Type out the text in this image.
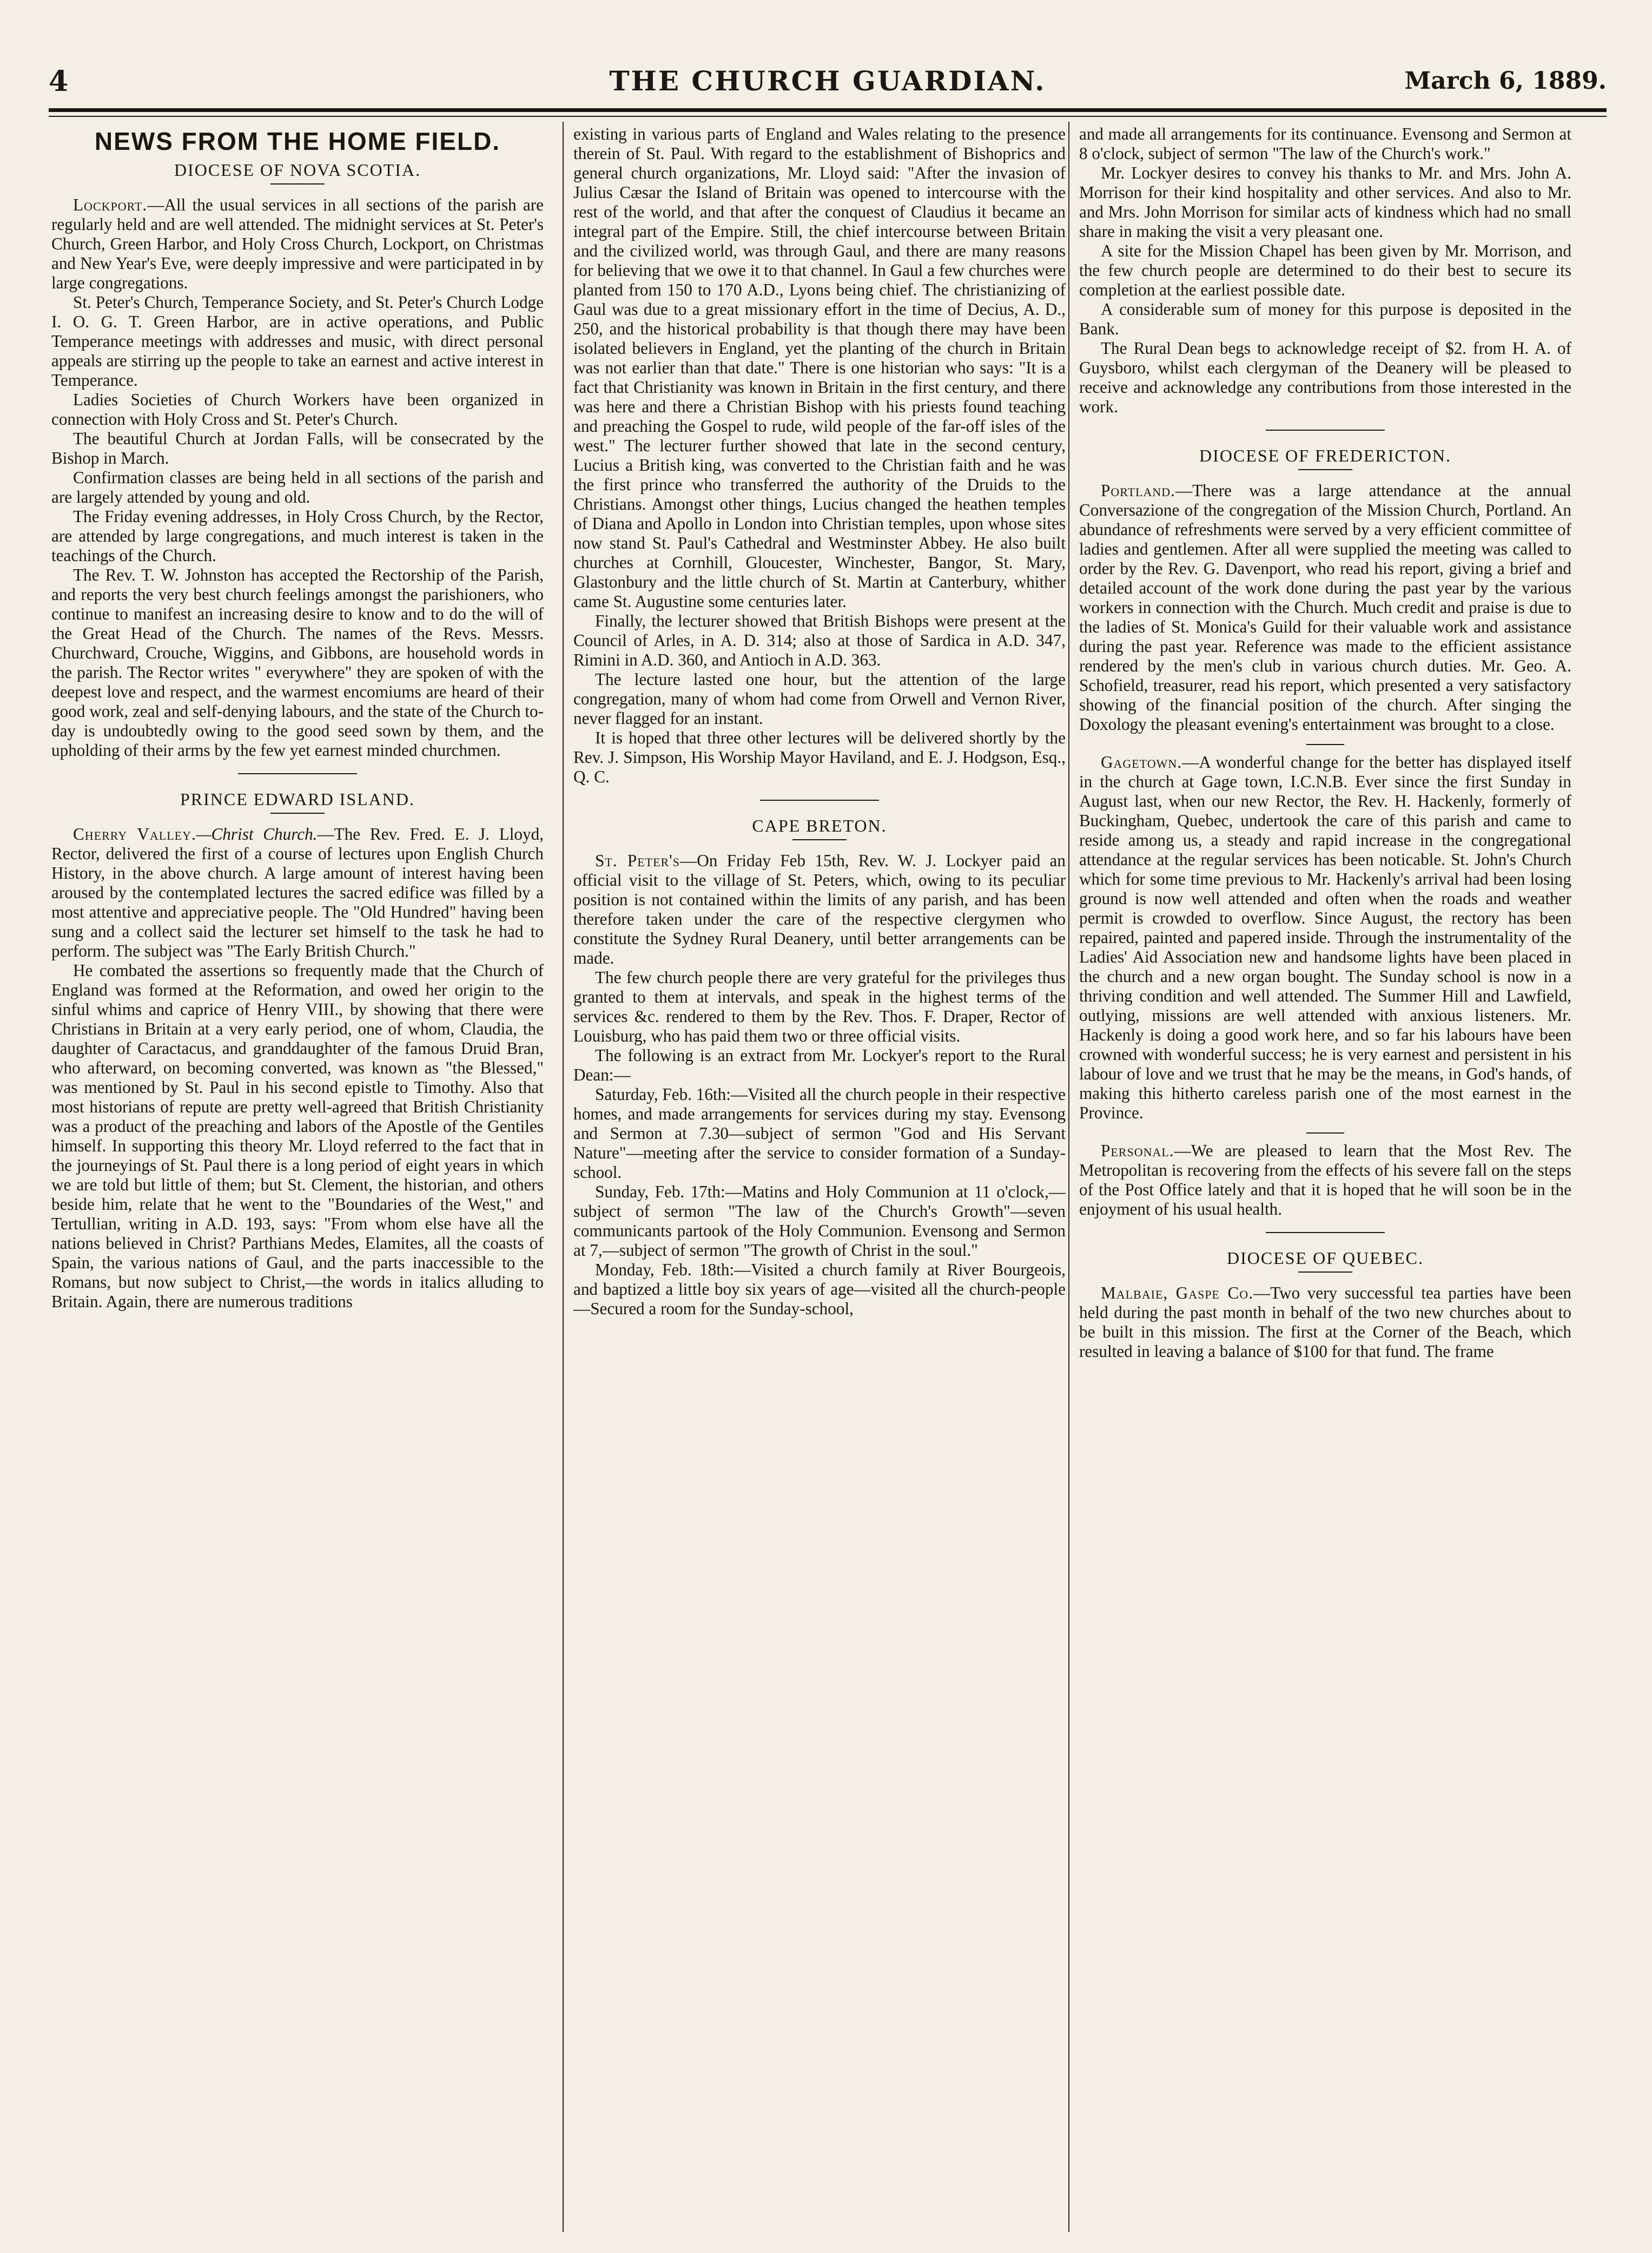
4	THE CHURCH GUARDIAN.	March 6, 1889.
NEWS FROM THE HOME FIELD.
DIOCESE OF NOVA SCOTIA.

Lockport.—All the usual services in all sections of the parish are regularly held and are well attended. The midnight services at St. Peter's Church, Green Harbor, and Holy Cross Church, Lockport, on Christmas and New Year's Eve, were deeply impressive and were participated in by large congregations.

St. Peter's Church, Temperance Society, and St. Peter's Church Lodge I. O. G. T. Green Harbor, are in active operations, and Public Temperance meetings with addresses and music, with direct personal appeals are stirring up the people to take an earnest and active interest in Temperance.

Ladies Societies of Church Workers have been organized in connection with Holy Cross and St. Peter's Church.

The beautiful Church at Jordan Falls, will be consecrated by the Bishop in March.

Confirmation classes are being held in all sections of the parish and are largely attended by young and old.

The Friday evening addresses, in Holy Cross Church, by the Rector, are attended by large congregations, and much interest is taken in the teachings of the Church.

The Rev. T. W. Johnston has accepted the Rectorship of the Parish, and reports the very best church feelings amongst the parishioners, who continue to manifest an increasing desire to know and to do the will of the Great Head of the Church. The names of the Revs. Messrs. Churchward, Crouche, Wiggins, and Gibbons, are household words in the parish. The Rector writes " everywhere" they are spoken of with the deepest love and respect, and the warmest encomiums are heard of their good work, zeal and self-denying labours, and the state of the Church to-day is undoubtedly owing to the good seed sown by them, and the upholding of their arms by the few yet earnest minded churchmen.

PRINCE EDWARD ISLAND.

Cherry Valley.—Christ Church.—The Rev. Fred. E. J. Lloyd, Rector, delivered the first of a course of lectures upon English Church History, in the above church. A large amount of interest having been aroused by the contemplated lectures the sacred edifice was filled by a most attentive and appreciative people. The "Old Hundred" having been sung and a collect said the lecturer set himself to the task he had to perform. The subject was "The Early British Church."

He combated the assertions so frequently made that the Church of England was formed at the Reformation, and owed her origin to the sinful whims and caprice of Henry VIII., by showing that there were Christians in Britain at a very early period, one of whom, Claudia, the daughter of Caractacus, and granddaughter of the famous Druid Bran, who afterward, on becoming converted, was known as "the Blessed," was mentioned by St. Paul in his second epistle to Timothy. Also that most historians of repute are pretty well-agreed that British Christianity was a product of the preaching and labors of the Apostle of the Gentiles himself. In supporting this theory Mr. Lloyd referred to the fact that in the journeyings of St. Paul there is a long period of eight years in which we are told but little of them; but St. Clement, the historian, and others beside him, relate that he went to the "Boundaries of the West," and Tertullian, writing in A.D. 193, says: "From whom else have all the nations believed in Christ? Parthians Medes, Elamites, all the coasts of Spain, the various nations of Gaul, and the parts inaccessible to the Romans, but now subject to Christ,—the words in italics alluding to Britain. Again, there are numerous traditions

existing in various parts of England and Wales relating to the presence therein of St. Paul. With regard to the establishment of Bishoprics and general church organizations, Mr. Lloyd said: "After the invasion of Julius Cæsar the Island of Britain was opened to intercourse with the rest of the world, and that after the conquest of Claudius it became an integral part of the Empire. Still, the chief intercourse between Britain and the civilized world, was through Gaul, and there are many reasons for believing that we owe it to that channel. In Gaul a few churches were planted from 150 to 170 A.D., Lyons being chief. The christianizing of Gaul was due to a great missionary effort in the time of Decius, A. D., 250, and the historical probability is that though there may have been isolated believers in England, yet the planting of the church in Britain was not earlier than that date." There is one historian who says: "It is a fact that Christianity was known in Britain in the first century, and there was here and there a Christian Bishop with his priests found teaching and preaching the Gospel to rude, wild people of the far-off isles of the west." The lecturer further showed that late in the second century, Lucius a British king, was converted to the Christian faith and he was the first prince who transferred the authority of the Druids to the Christians. Amongst other things, Lucius changed the heathen temples of Diana and Apollo in London into Christian temples, upon whose sites now stand St. Paul's Cathedral and Westminster Abbey. He also built churches at Cornhill, Gloucester, Winchester, Bangor, St. Mary, Glastonbury and the little church of St. Martin at Canterbury, whither came St. Augustine some centuries later.

Finally, the lecturer showed that British Bishops were present at the Council of Arles, in A. D. 314; also at those of Sardica in A.D. 347, Rimini in A.D. 360, and Antioch in A.D. 363.

The lecture lasted one hour, but the attention of the large congregation, many of whom had come from Orwell and Vernon River, never flagged for an instant.

It is hoped that three other lectures will be delivered shortly by the Rev. J. Simpson, His Worship Mayor Haviland, and E. J. Hodgson, Esq., Q. C.

CAPE BRETON.

St. Peter's—On Friday Feb 15th, Rev. W. J. Lockyer paid an official visit to the village of St. Peters, which, owing to its peculiar position is not contained within the limits of any parish, and has been therefore taken under the care of the respective clergymen who constitute the Sydney Rural Deanery, until better arrangements can be made.

The few church people there are very grateful for the privileges thus granted to them at intervals, and speak in the highest terms of the services &c. rendered to them by the Rev. Thos. F. Draper, Rector of Louisburg, who has paid them two or three official visits.

The following is an extract from Mr. Lockyer's report to the Rural Dean:—

Saturday, Feb. 16th:—Visited all the church people in their respective homes, and made arrangements for services during my stay. Evensong and Sermon at 7.30—subject of sermon "God and His Servant Nature"—meeting after the service to consider formation of a Sunday-school.

Sunday, Feb. 17th:—Matins and Holy Communion at 11 o'clock,—subject of sermon "The law of the Church's Growth"—seven communicants partook of the Holy Communion. Evensong and Sermon at 7,—subject of sermon "The growth of Christ in the soul."

Monday, Feb. 18th:—Visited a church family at River Bourgeois, and baptized a little boy six years of age—visited all the church-people—Secured a room for the Sunday-school,

and made all arrangements for its continuance. Evensong and Sermon at 8 o'clock, subject of sermon "The law of the Church's work."

Mr. Lockyer desires to convey his thanks to Mr. and Mrs. John A. Morrison for their kind hospitality and other services. And also to Mr. and Mrs. John Morrison for similar acts of kindness which had no small share in making the visit a very pleasant one.

A site for the Mission Chapel has been given by Mr. Morrison, and the few church people are determined to do their best to secure its completion at the earliest possible date.

A considerable sum of money for this purpose is deposited in the Bank.

The Rural Dean begs to acknowledge receipt of $2. from H. A. of Guysboro, whilst each clergyman of the Deanery will be pleased to receive and acknowledge any contributions from those interested in the work.

DIOCESE OF FREDERICTON.

Portland.—There was a large attendance at the annual Conversazione of the congregation of the Mission Church, Portland. An abundance of refreshments were served by a very efficient committee of ladies and gentlemen. After all were supplied the meeting was called to order by the Rev. G. Davenport, who read his report, giving a brief and detailed account of the work done during the past year by the various workers in connection with the Church. Much credit and praise is due to the ladies of St. Monica's Guild for their valuable work and assistance during the past year. Reference was made to the efficient assistance rendered by the men's club in various church duties. Mr. Geo. A. Schofield, treasurer, read his report, which presented a very satisfactory showing of the financial position of the church. After singing the Doxology the pleasant evening's entertainment was brought to a close.

Gagetown.—A wonderful change for the better has displayed itself in the church at Gage town, I.C.N.B. Ever since the first Sunday in August last, when our new Rector, the Rev. H. Hackenly, formerly of Buckingham, Quebec, undertook the care of this parish and came to reside among us, a steady and rapid increase in the congregational attendance at the regular services has been noticable. St. John's Church which for some time previous to Mr. Hackenly's arrival had been losing ground is now well attended and often when the roads and weather permit is crowded to overflow. Since August, the rectory has been repaired, painted and papered inside. Through the instrumentality of the Ladies' Aid Association new and handsome lights have been placed in the church and a new organ bought. The Sunday school is now in a thriving condition and well attended. The Summer Hill and Lawfield, outlying, missions are well attended with anxious listeners. Mr. Hackenly is doing a good work here, and so far his labours have been crowned with wonderful success; he is very earnest and persistent in his labour of love and we trust that he may be the means, in God's hands, of making this hitherto careless parish one of the most earnest in the Province.

Personal.—We are pleased to learn that the Most Rev. The Metropolitan is recovering from the effects of his severe fall on the steps of the Post Office lately and that it is hoped that he will soon be in the enjoyment of his usual health.

DIOCESE OF QUEBEC.

Malbaie, Gaspe Co.—Two very successful tea parties have been held during the past month in behalf of the two new churches about to be built in this mission. The first at the Corner of the Beach, which resulted in leaving a balance of $100 for that fund. The frame
